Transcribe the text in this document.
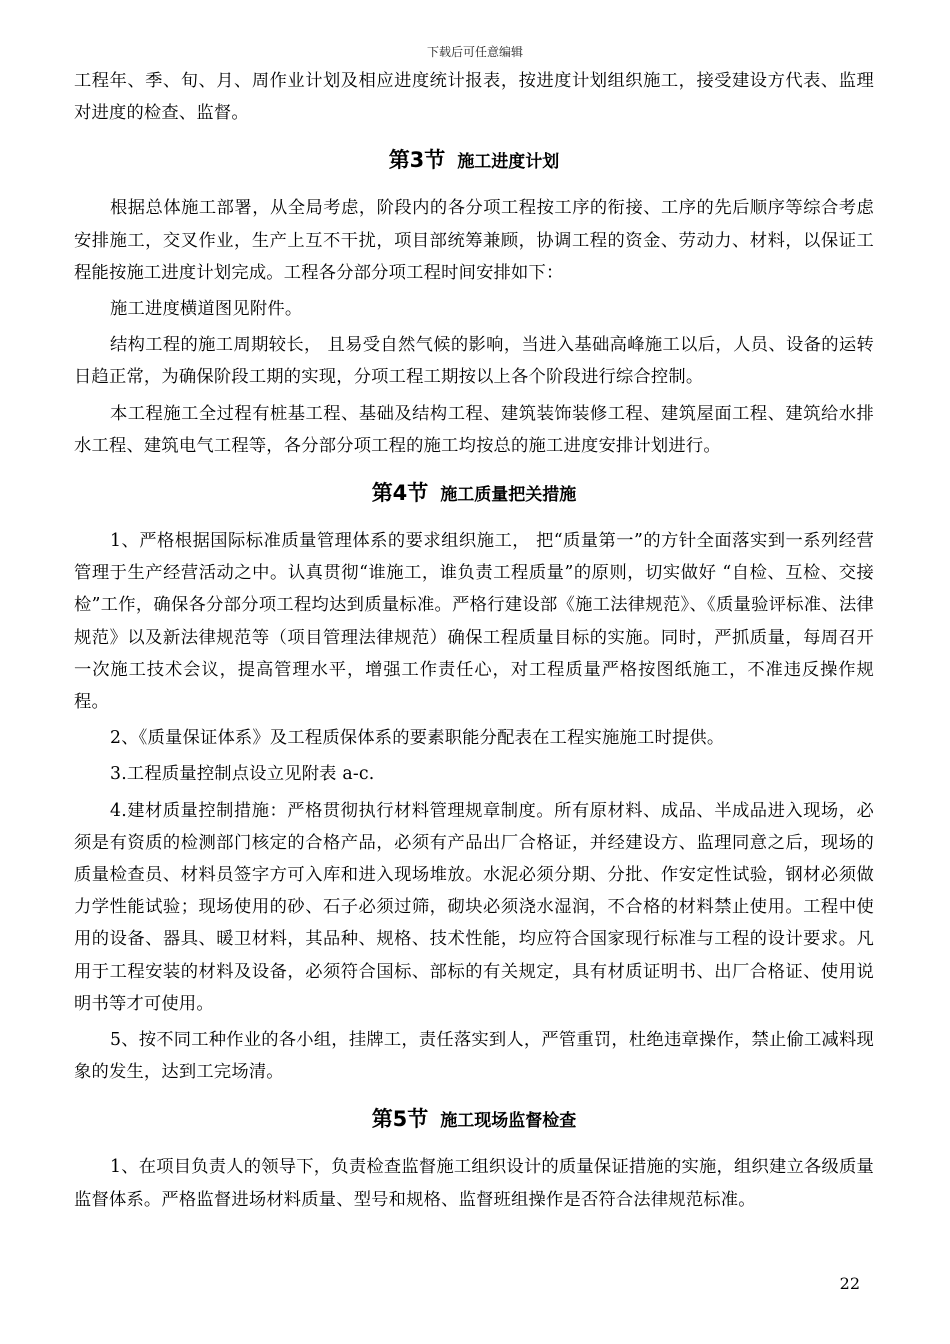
下载后可任意编辑

工程年、季、旬、月、周作业计划及相应进度统计报表，按进度计划组织施工，接受建设方代表、监理对进度的检查、监督。

第3节 施工进度计划

根据总体施工部署，从全局考虑，阶段内的各分项工程按工序的衔接、工序的先后顺序等综合考虑安排施工，交叉作业，生产上互不干扰，项目部统筹兼顾，协调工程的资金、劳动力、材料，以保证工程能按施工进度计划完成。工程各分部分项工程时间安排如下：

施工进度横道图见附件。

结构工程的施工周期较长， 且易受自然气候的影响，当进入基础高峰施工以后，人员、设备的运转日趋正常，为确保阶段工期的实现，分项工程工期按以上各个阶段进行综合控制。

本工程施工全过程有桩基工程、基础及结构工程、建筑装饰装修工程、建筑屋面工程、建筑给水排水工程、建筑电气工程等，各分部分项工程的施工均按总的施工进度安排计划进行。

第4节 施工质量把关措施

1、严格根据国际标准质量管理体系的要求组织施工， 把“质量第一”的方针全面落实到一系列经营管理于生产经营活动之中。认真贯彻“谁施工，谁负责工程质量”的原则，切实做好 “自检、互检、交接检”工作，确保各分部分项工程均达到质量标准。严格行建设部《施工法律规范》、《质量验评标准、法律规范》以及新法律规范等（项目管理法律规范）确保工程质量目标的实施。同时，严抓质量，每周召开一次施工技术会议，提高管理水平，增强工作责任心，对工程质量严格按图纸施工，不准违反操作规程。

2、《质量保证体系》及工程质保体系的要素职能分配表在工程实施施工时提供。

3.工程质量控制点设立见附表 a-c.

4.建材质量控制措施：严格贯彻执行材料管理规章制度。所有原材料、成品、半成品进入现场，必须是有资质的检测部门核定的合格产品，必须有产品出厂合格证，并经建设方、监理同意之后，现场的质量检查员、材料员签字方可入库和进入现场堆放。水泥必须分期、分批、作安定性试验，钢材必须做力学性能试验；现场使用的砂、石子必须过筛，砌块必须浇水湿润，不合格的材料禁止使用。工程中使用的设备、器具、暖卫材料，其品种、规格、技术性能，均应符合国家现行标准与工程的设计要求。凡用于工程安装的材料及设备，必须符合国标、部标的有关规定，具有材质证明书、出厂合格证、使用说明书等才可使用。

5、按不同工种作业的各小组，挂牌工，责任落实到人，严管重罚，杜绝违章操作，禁止偷工减料现象的发生，达到工完场清。

第5节 施工现场监督检查

1、在项目负责人的领导下，负责检查监督施工组织设计的质量保证措施的实施，组织建立各级质量监督体系。严格监督进场材料质量、型号和规格、监督班组操作是否符合法律规范标准。

22
